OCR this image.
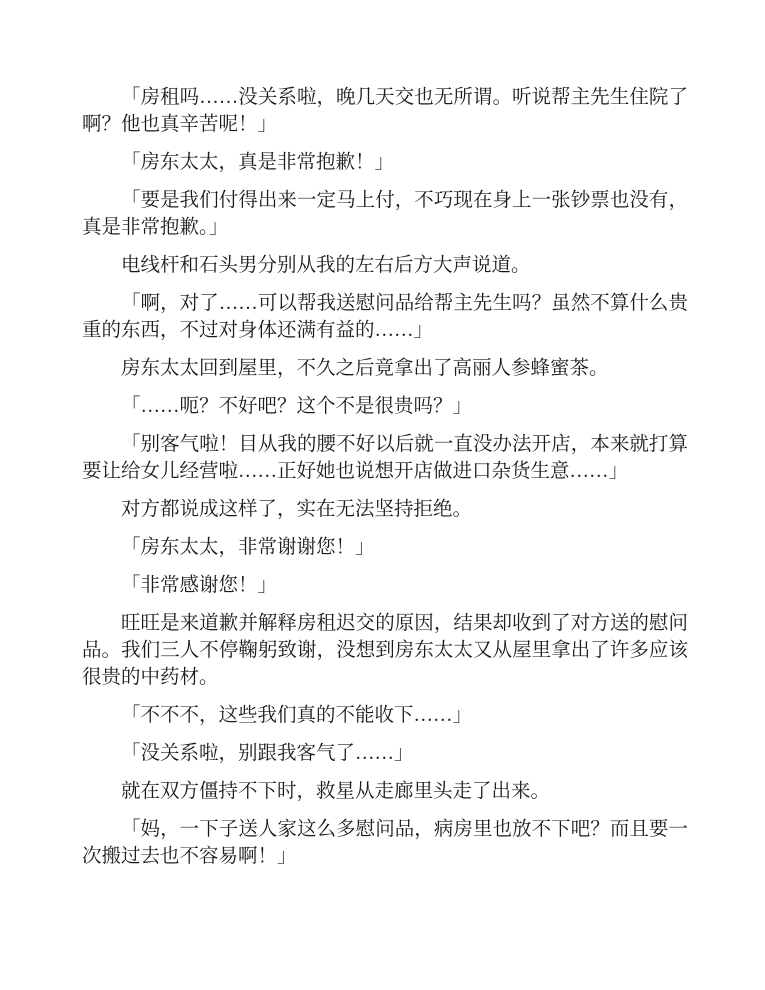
「房租吗……没关系啦，晚几天交也无所谓。听说帮主先生住院了啊？他也真辛苦呢！」

「房东太太，真是非常抱歉！」

「要是我们付得出来一定马上付，不巧现在身上一张钞票也没有，真是非常抱歉。」

电线杆和石头男分别从我的左右后方大声说道。

「啊，对了……可以帮我送慰问品给帮主先生吗？虽然不算什么贵重的东西，不过对身体还满有益的……」

房东太太回到屋里，不久之后竟拿出了高丽人参蜂蜜茶。

「……呃？不好吧？这个不是很贵吗？」

「别客气啦！目从我的腰不好以后就一直没办法开店，本来就打算要让给女儿经营啦……正好她也说想开店做进口杂货生意……」

对方都说成这样了，实在无法坚持拒绝。

「房东太太，非常谢谢您！」

「非常感谢您！」

旺旺是来道歉并解释房租迟交的原因，结果却收到了对方送的慰问品。我们三人不停鞠躬致谢，没想到房东太太又从屋里拿出了许多应该很贵的中药材。

「不不不，这些我们真的不能收下……」

「没关系啦，别跟我客气了……」

就在双方僵持不下时，救星从走廊里头走了出来。

「妈，一下子送人家这么多慰问品，病房里也放不下吧？而且要一次搬过去也不容易啊！」
